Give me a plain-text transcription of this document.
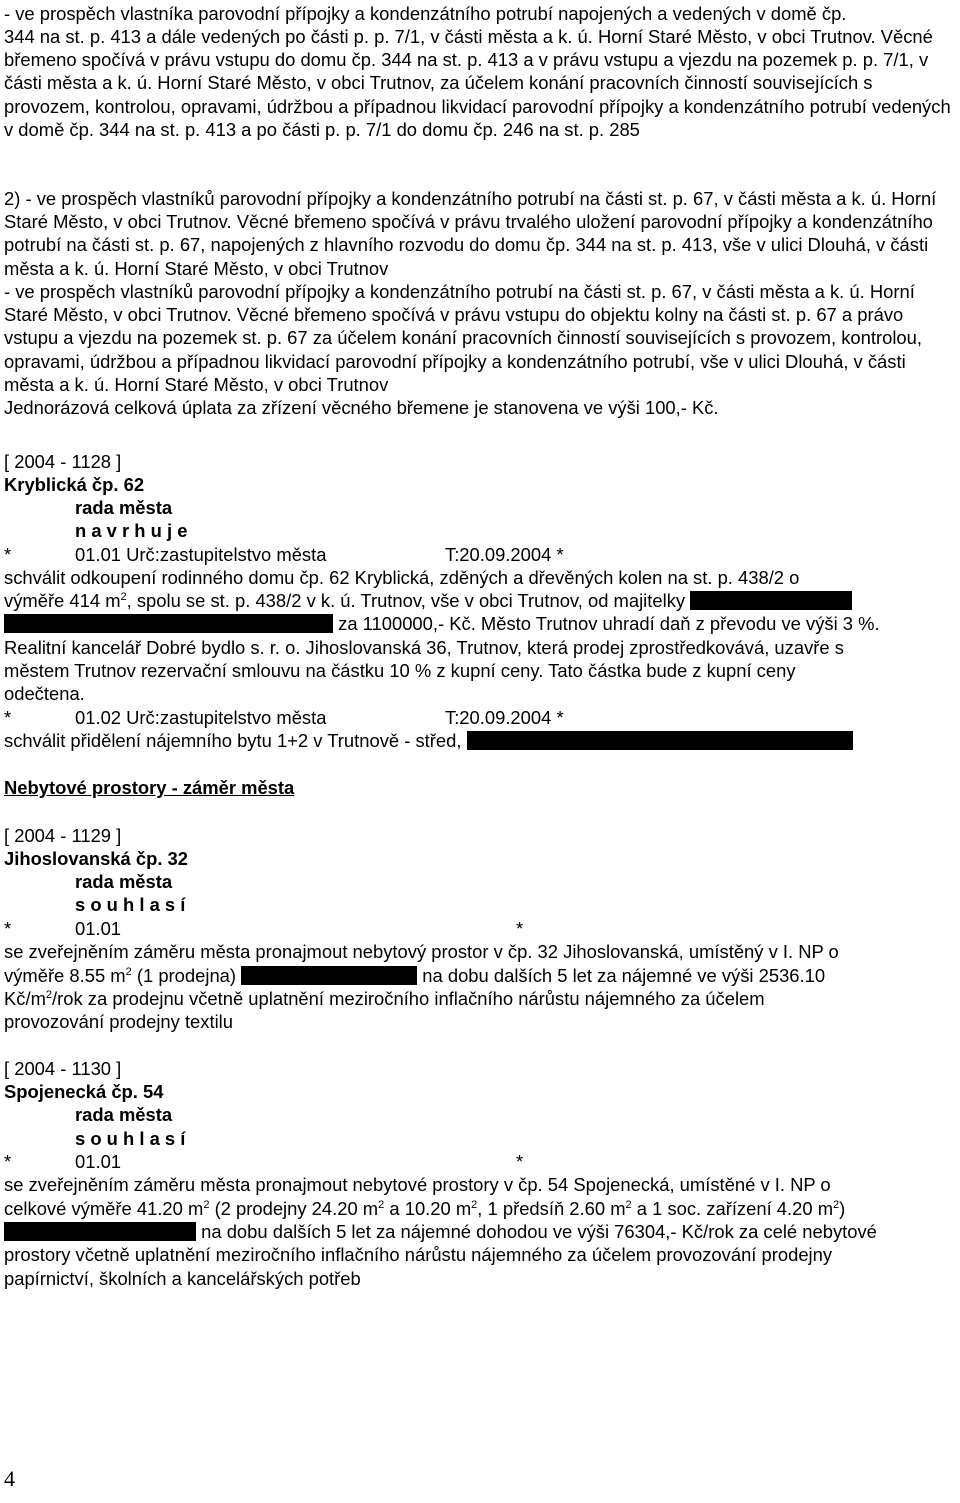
- ve prospěch vlastníka parovodní přípojky a kondenzátního potrubí napojených a vedených v domě čp.

344 na st. p. 413 a dále vedených po části p. p. 7/1, v části města a k. ú. Horní Staré Město, v obci Trutnov. Věcné břemeno spočívá v právu vstupu do domu čp. 344 na st. p. 413 a v právu vstupu a vjezdu na pozemek p. p. 7/1, v části města a k. ú. Horní Staré Město, v obci Trutnov, za účelem konání pracovních činností souvisejících s provozem, kontrolou, opravami, údržbou a případnou likvidací parovodní přípojky a kondenzátního potrubí vedených v domě čp. 344 na st. p. 413 a po části p. p. 7/1 do domu čp. 246 na st. p. 285

2) - ve prospěch vlastníků parovodní přípojky a kondenzátního potrubí na části st. p. 67, v části města a k. ú. Horní Staré Město, v obci Trutnov. Věcné břemeno spočívá v právu trvalého uložení parovodní přípojky a kondenzátního potrubí na části st. p. 67, napojených z hlavního rozvodu do domu čp. 344 na st. p. 413, vše v ulici Dlouhá, v části města a k. ú. Horní Staré Město, v obci Trutnov

- ve prospěch vlastníků parovodní přípojky a kondenzátního potrubí na části st. p. 67, v části města a k. ú. Horní Staré Město, v obci Trutnov. Věcné břemeno spočívá v právu vstupu do objektu kolny na části st. p. 67 a právo vstupu a vjezdu na pozemek st. p. 67 za účelem konání pracovních činností souvisejících s provozem, kontrolou, opravami, údržbou a případnou likvidací parovodní přípojky a kondenzátního potrubí, vše v ulici Dlouhá, v části města a k. ú. Horní Staré Město, v obci Trutnov

Jednorázová celková úplata za zřízení věcného břemene je stanovena ve výši 100,- Kč.

[ 2004 - 1128 ]

Kryblická čp. 62

rada města

n a v r h u j e

*	01.01 Urč:zastupitelstvo města	T:20.09.2004 *

schválit odkoupení rodinného domu čp. 62 Kryblická, zděných a dřevěných kolen na st. p. 438/2 o

výměře 414 $m^2$, spolu se st. p. 438/2 v k. ú. Trutnov, vše v obci Trutnov, od majitelky

za 1100000,- Kč. Město Trutnov uhradí daň z převodu ve výši 3 %.

Realitní kancelář Dobré bydlo s. r. o. Jihoslovanská 36, Trutnov, která prodej zprostředkovává, uzavře s

městem Trutnov rezervační smlouvu na částku 10 % z kupní ceny. Tato částka bude z kupní ceny

odečtena.

*	01.02 Urč:zastupitelstvo města	T:20.09.2004 *

schválit přidělení nájemního bytu 1+2 v Trutnově - střed,

Nebytové prostory - záměr města

[ 2004 - 1129 ]

Jihoslovanská čp. 32

rada města

s o u h l a s í

*	01.01	*

se zveřejněním záměru města pronajmout nebytový prostor v čp. 32 Jihoslovanská, umístěný v I. NP o

výměře 8.55 $m^2$ (1 prodejna)	na dobu dalších 5 let za nájemné ve výši 2536.10

$Kč/m^2$/rok za prodejnu včetně uplatnění meziročního inflačního nárůstu nájemného za účelem

provozování prodejny textilu

[ 2004 - 1130 ]

Spojenecká čp. 54

rada města

s o u h l a s í

*	01.01	*

se zveřejněním záměru města pronajmout nebytové prostory v čp. 54 Spojenecká, umístěné v I. NP o

celkové výměře 41.20 $m^2$ (2 prodejny 24.20 $m^2$ a 10.20 $m^2$, 1 předsíň 2.60 $m^2$ a 1 soc. zařízení 4.20 $m^2$)

na dobu dalších 5 let za nájemné dohodou ve výši 76304,- Kč/rok za celé nebytové

prostory včetně uplatnění meziročního inflačního nárůstu nájemného za účelem provozování prodejny

papírnictví, školních a kancelářských potřeb

4
